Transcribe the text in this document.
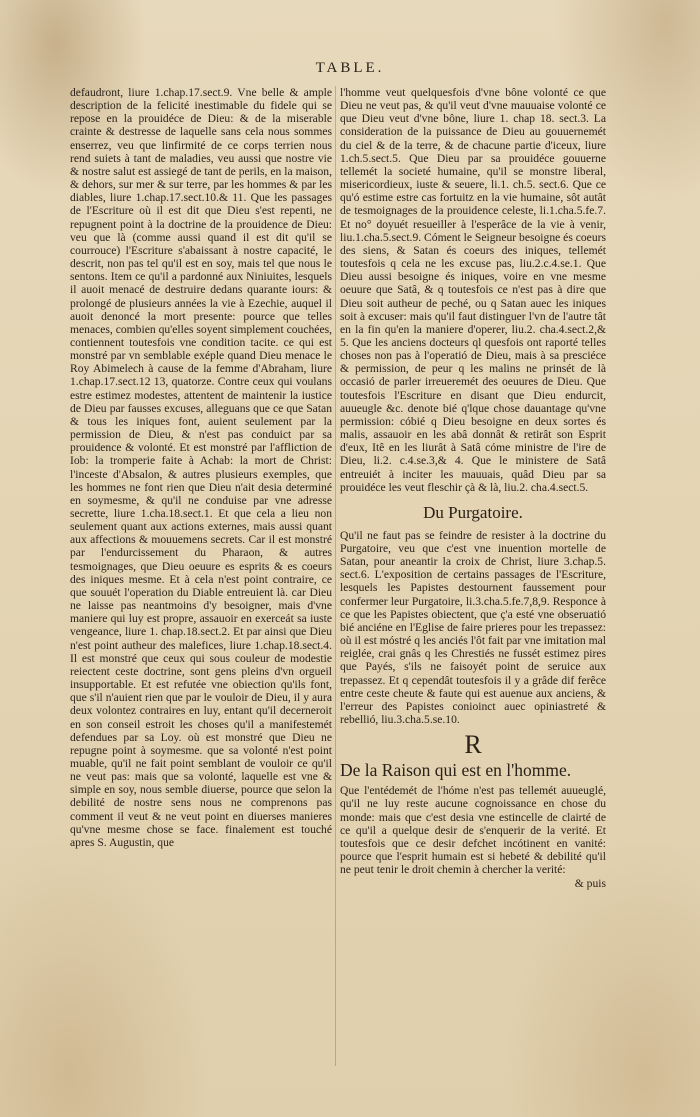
TABLE.

defaudront, liure 1.chap.17.sect.9. Vne belle & ample description de la felicité inestimable du fidele qui se repose en la prouidéce de Dieu: & de la miserable crainte & destresse de laquelle sans cela nous sommes enserrez, veu que linfirmité de ce corps terrien nous rend suiets à tant de maladies, veu aussi que nostre vie & nostre salut est assiegé de tant de perils, en la maison, & dehors, sur mer & sur terre, par les hommes & par les diables, liure 1.chap.17.sect.10.& 11. Que les passages de l'Escriture où il est dit que Dieu s'est repenti, ne repugnent point à la doctrine de la prouidence de Dieu: veu que là (comme aussi quand il est dit qu'il se courrouce) l'Escriture s'abaissant à nostre capacité, le descrit, non pas tel qu'il est en soy, mais tel que nous le sentons. Item ce qu'il a pardonné aux Niniuites, lesquels il auoit menacé de destruire dedans quarante iours: & prolongé de plusieurs années la vie à Ezechie, auquel il auoit denoncé la mort presente: pource que telles menaces, combien qu'elles soyent simplement couchées, contiennent toutesfois vne condition tacite. ce qui est monstré par vn semblable exéple quand Dieu menace le Roy Abimelech à cause de la femme d'Abraham, liure 1.chap.17.sect.12 13, quatorze. Contre ceux qui voulans estre estimez modestes, attentent de maintenir la iustice de Dieu par fausses excuses, alleguans que ce que Satan & tous les iniques font, auient seulement par la permission de Dieu, & n'est pas conduict par sa prouidence & volonté. Et est monstré par l'affliction de Iob: la tromperie faite à Achab: la mort de Christ: l'inceste d'Absalon, & autres plusieurs exemples, que les hommes ne font rien que Dieu n'ait desia determiné en soymesme, & qu'il ne conduise par vne adresse secrette, liure 1.cha.18.sect.1. Et que cela a lieu non seulement quant aux actions externes, mais aussi quant aux affections & mouuemens secrets. Car il est monstré par l'endurcissement du Pharaon, & autres tesmoignages, que Dieu oeuure es esprits & es coeurs des iniques mesme. Et à cela n'est point contraire, ce que souuét l'operation du Diable entreuient là. car Dieu ne laisse pas neantmoins d'y besoigner, mais d'vne maniere qui luy est propre, assauoir en exerceát sa iuste vengeance, liure 1. chap.18.sect.2. Et par ainsi que Dieu n'est point autheur des malefices, liure 1.chap.18.sect.4. Il est monstré que ceux qui sous couleur de modestie reiectent ceste doctrine, sont gens pleins d'vn orgueil insupportable. Et est refutée vne obiection qu'ils font, que s'il n'auient rien que par le vouloir de Dieu, il y aura deux volontez contraires en luy, entant qu'il decerneroit en son conseil estroit les choses qu'il a manifestemét defendues par sa Loy. où est monstré que Dieu ne repugne point à soymesme. que sa volonté n'est point muable, qu'il ne fait point semblant de vouloir ce qu'il ne veut pas: mais que sa volonté, laquelle est vne & simple en soy, nous semble diuerse, pource que selon la debilité de nostre sens nous ne comprenons pas comment il veut & ne veut point en diuerses manieres qu'vne mesme chose se face. finalement est touché apres S. Augustin, que

l'homme veut quelquesfois d'vne bône volonté ce que Dieu ne veut pas, & qu'il veut d'vne mauuaise volonté ce que Dieu veut d'vne bône, liure 1. chap 18. sect.3. La consideration de la puissance de Dieu au gouuernemét du ciel & de la terre, & de chacune partie d'iceux, liure 1.ch.5.sect.5. Que Dieu par sa prouidéce gouuerne tellemét la societé humaine, qu'il se monstre liberal, misericordieux, iuste & seuere, li.1. ch.5. sect.6. Que ce qu'ó estime estre cas fortuitz en la vie humaine, sôt autât de tesmoignages de la prouidence celeste, li.1.cha.5.fe.7. Et no° doyuét resueiller à l'esperâce de la vie à venir, liu.1.cha.5.sect.9. Cóment le Seigneur besoigne és coeurs des siens, & Satan és coeurs des iniques, tellemét toutesfois q cela ne les excuse pas, liu.2.c.4.se.1. Que Dieu aussi besoigne és iniques, voire en vne mesme oeuure que Satâ, & q toutesfois ce n'est pas à dire que Dieu soit autheur de peché, ou q Satan auec les iniques soit à excuser: mais qu'il faut distinguer l'vn de l'autre tât en la fin qu'en la maniere d'operer, liu.2. cha.4.sect.2,& 5. Que les anciens docteurs ql quesfois ont raporté telles choses non pas à l'operatió de Dieu, mais à sa presciéce & permission, de peur q les malins ne prinsét de là occasió de parler irreueremét des oeuures de Dieu. Que toutesfois l'Escriture en disant que Dieu endurcit, auueugle &c. denote bié q'lque chose dauantage qu'vne permission: cóbié q Dieu besoigne en deux sortes és malis, assauoir en les abâ donnât & retirât son Esprit d'eux, Itê en les liurât à Satâ cóme ministre de l'ire de Dieu, li.2. c.4.se.3,& 4. Que le ministere de Satâ entreuiét à inciter les mauuais, quâd Dieu par sa prouidéce les veut fleschir çà & là, liu.2. cha.4.sect.5.

Du Purgatoire.

Qu'il ne faut pas se feindre de resister à la doctrine du Purgatoire, veu que c'est vne inuention mortelle de Satan, pour aneantir la croix de Christ, liure 3.chap.5. sect.6. L'exposition de certains passages de l'Escriture, lesquels les Papistes destournent faussement pour confermer leur Purgatoire, li.3.cha.5.fe.7,8,9. Responce à ce que les Papistes obiectent, que ç'a esté vne obseruatió bié anciéne en l'Eglise de faire prieres pour les trepassez: où il est móstré q les anciés l'ôt fait par vne imitation mal reiglée, crai gnâs q les Chrestiés ne fussét estimez pires que Payés, s'ils ne faisoyét point de seruice aux trepassez. Et q cependât toutesfois il y a grâde dif ferêce entre ceste cheute & faute qui est auenue aux anciens, & l'erreur des Papistes conioinct auec opiniastreté & rebellió, liu.3.cha.5.se.10.

R
De la Raison qui est en l'homme.

Que l'entédemét de l'hóme n'est pas tellemét auueuglé, qu'il ne luy reste aucune cognoissance en chose du monde: mais que c'est desia vne estincelle de clairté de ce qu'il a quelque desir de s'enquerir de la verité. Et toutesfois que ce desir defchet incótinent en vanité: pource que l'esprit humain est si hebeté & debilité qu'il ne peut tenir le droit chemin à chercher la verité:

& puis
